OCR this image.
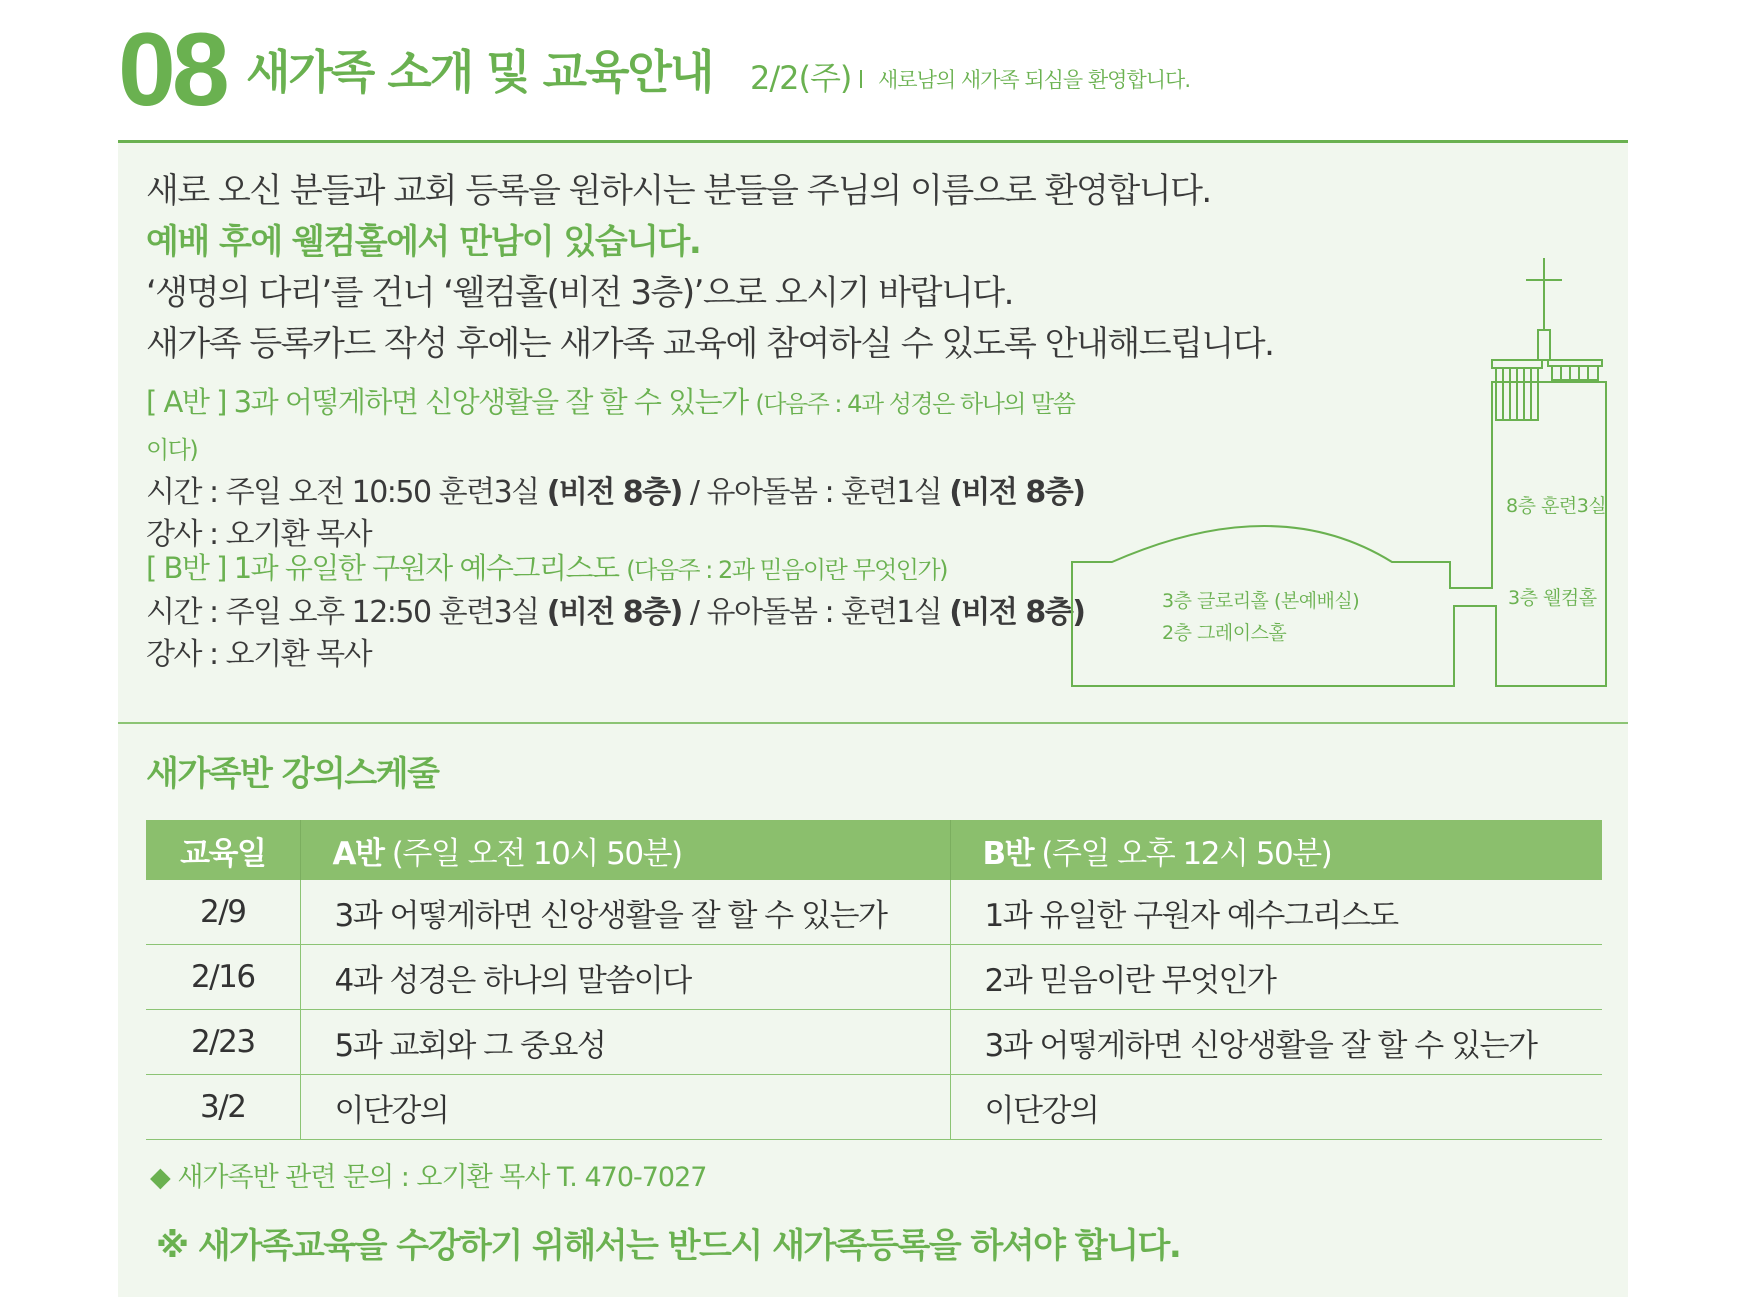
08 새가족 소개 및 교육안내 2/2(주) 새로남의 새가족 되심을 환영합니다.
새로 오신 분들과 교회 등록을 원하시는 분들을 주님의 이름으로 환영합니다.
예배 후에 웰컴홀에서 만남이 있습니다.
‘생명의 다리’를 건너 ‘웰컴홀(비전 3층)’으로 오시기 바랍니다.
새가족 등록카드 작성 후에는 새가족 교육에 참여하실 수 있도록 안내해드립니다.
[ A반 ] 3과 어떻게하면 신앙생활을 잘 할 수 있는가 (다음주 : 4과 성경은 하나의 말씀이다)
시간 : 주일 오전 10:50 훈련3실 (비전 8층) / 유아돌봄 : 훈련1실 (비전 8층)
강사 : 오기환 목사
[ B반 ] 1과 유일한 구원자 예수그리스도 (다음주 : 2과 믿음이란 무엇인가)
시간 : 주일 오후 12:50 훈련3실 (비전 8층) / 유아돌봄 : 훈련1실 (비전 8층)
강사 : 오기환 목사
8층 훈련3실
3층 웰컴홀
3층 글로리홀 (본예배실)
2층 그레이스홀
새가족반 강의스케줄
교육일	A반 (주일 오전 10시 50분)	B반 (주일 오후 12시 50분)
2/9	3과 어떻게하면 신앙생활을 잘 할 수 있는가	1과 유일한 구원자 예수그리스도
2/16	4과 성경은 하나의 말씀이다	2과 믿음이란 무엇인가
2/23	5과 교회와 그 중요성	3과 어떻게하면 신앙생활을 잘 할 수 있는가
3/2	이단강의	이단강의
◆ 새가족반 관련 문의 : 오기환 목사 T. 470-7027
※ 새가족교육을 수강하기 위해서는 반드시 새가족등록을 하셔야 합니다.
